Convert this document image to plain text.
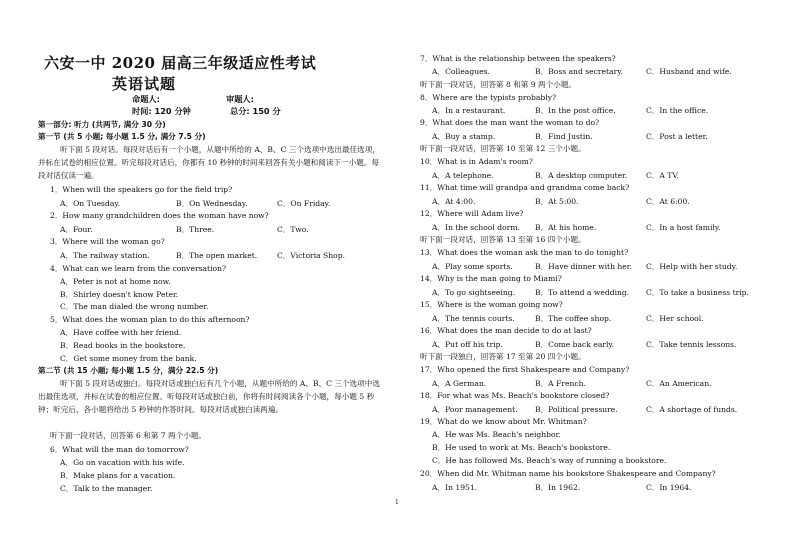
六安一中 2020 届高三年级适应性考试
英语试题
命题人:	审题人:
时间: 120 分钟	总分: 150 分
第一部分: 听力 (共两节, 满分 30 分)
第一节 (共 5 小题; 每小题 1.5 分, 满分 7.5 分)
听下面 5 段对话。每段对话后有一个小题，从题中所给的 A、B、C 三个选项中选出最佳选项，并标在试卷的相应位置。听完每段对话后，你都有 10 秒钟的时间来回答有关小题和阅读下一小题。每段对话仅读一遍。
1．When will the speakers go for the field trip?
A．On Tuesday.	B．On Wednesday.	C．On Friday.
2．How many grandchildren does the woman have now?
A．Four.	B．Three.	C．Two.
3．Where will the woman go?
A．The railway station.	B．The open market.	C．Victoria Shop.
4．What can we learn from the conversation?
A．Peter is not at home now.
B．Shirley doesn't know Peter.
C．The man dialed the wrong number.
5．What does the woman plan to do this afternoon?
A．Have coffee with her friend.
B．Read books in the bookstore.
C．Get some money from the bank.
第二节 (共 15 小题; 每小题 1.5 分，满分 22.5 分)
听下面 5 段对话或独白。每段对话或独白后有几个小题，从题中所给的 A、B、C 三个选项中选出最佳选项，并标在试卷的相应位置。听每段对话或独白前，你将有时间阅读各个小题，每小题 5 秒钟；听完后，各小题将给出 5 秒钟的作答时间。每段对话或独白读两遍。
听下面一段对话，回答第 6 和第 7 两个小题。
6．What will the man do tomorrow?
A．Go on vacation with his wife.
B．Make plans for a vacation.
C．Talk to the manager.
7．What is the relationship between the speakers?
A．Colleagues.	B．Boss and secretary.	C．Husband and wife.
听下面一段对话，回答第 8 和第 9 两个小题。
8．Where are the typists probably?
A．In a restaurant.	B．In the post office.	C．In the office.
9．What does the man want the woman to do?
A．Buy a stamp.	B．Find Justin.	C．Post a letter.
听下面一段对话，回答第 10 至第 12 三个小题。
10．What is in Adam's room?
A．A telephone.	B．A desktop computer. C．A TV.
11．What time will grandpa and grandma come back?
A．At 4:00.	B．At 5:00.	C．At 6:00.
12．Where will Adam live?
A．In the school dorm. B．At his home.	C．In a host family.
听下面一段对话，回答第 13 至第 16 四个小题。
13．What does the woman ask the man to do tonight?
A．Play some sports.	B．Have dinner with her. C．Help with her study.
14．Why is the man going to Miami?
A．To go sightseeing.	B．To attend a wedding. C．To take a business trip.
15．Where is the woman going now?
A．The tennis courts.	B．The coffee shop.	C．Her school.
16．What does the man decide to do at last?
A．Put off his trip.	B．Come back early.	C．Take tennis lessons.
听下面一段独白，回答第 17 至第 20 四个小题。
17．Who opened the first Shakespeare and Company?
A．A German.	B．A French.	C．An American.
18．For what was Ms. Beach's bookstore closed?
A．Poor management. B．Political pressure.	C．A shortage of funds.
19．What do we know about Mr. Whitman?
A．He was Ms. Beach's neighbor.
B．He used to work at Ms. Beach's bookstore.
C．He has followed Ms. Beach's way of running a bookstore.
20．When did Mr. Whitman name his bookstore Shakespeare and Company?
A．In 1951.	B．In 1962.	C．In 1964.
1
